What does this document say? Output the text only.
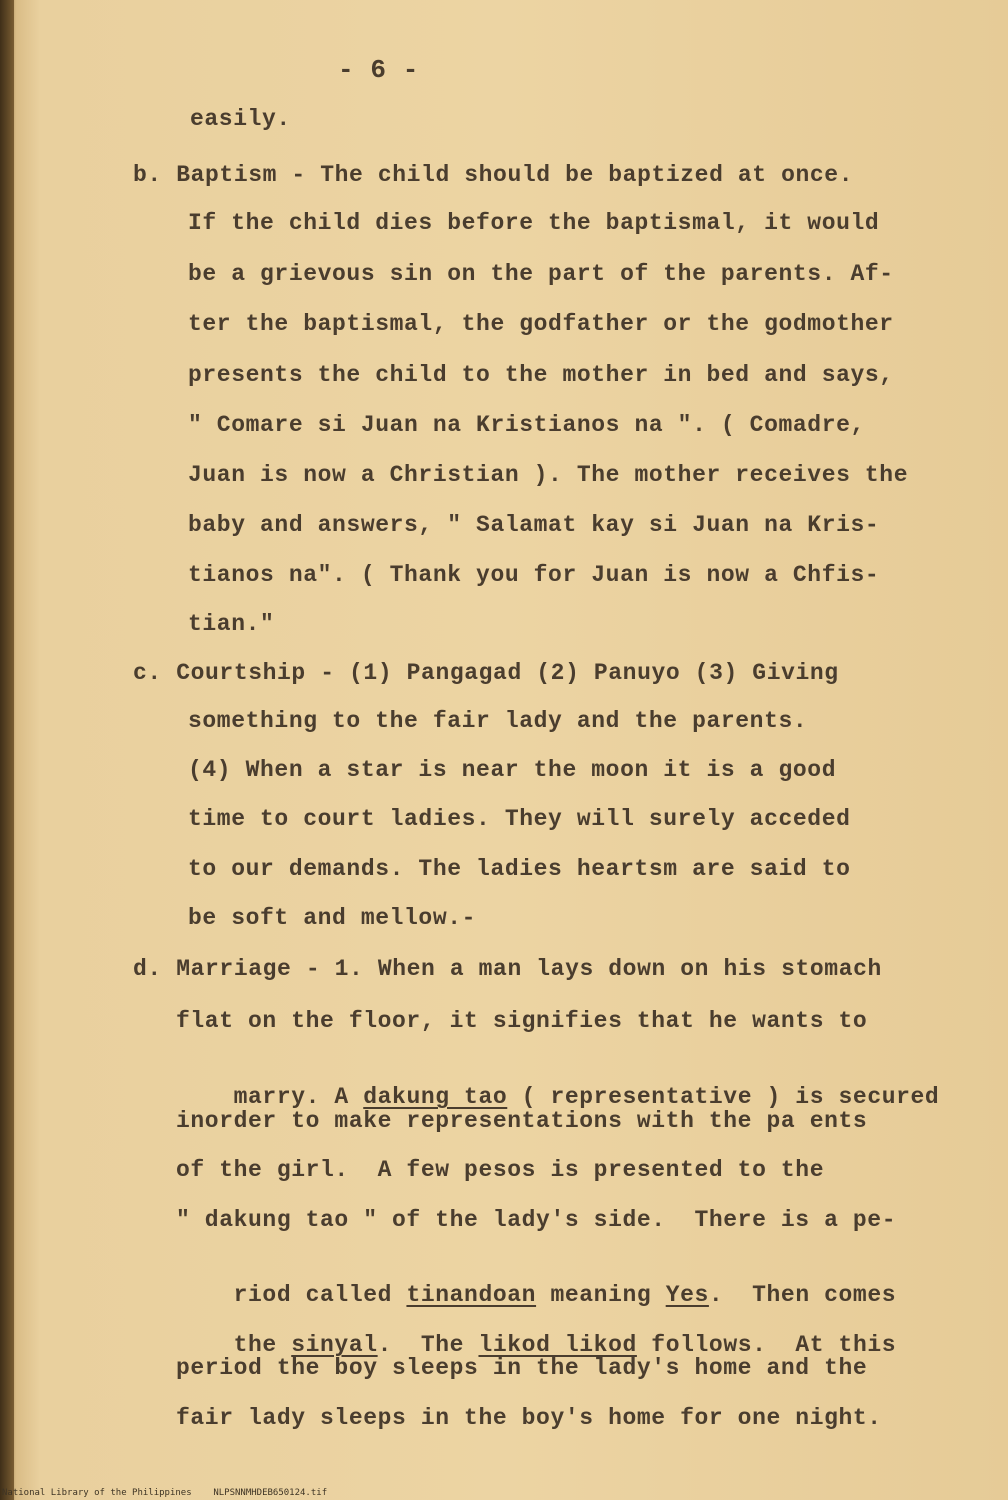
- 6 -
easily.
b. Baptism - The child should be baptized at once.
If the child dies before the baptismal, it would
be a grievous sin on the part of the parents. Af-
ter the baptismal, the godfather or the godmother
presents the child to the mother in bed and says,
" Comare si Juan na Kristianos na ". ( Comadre,
Juan is now a Christian ). The mother receives the
baby and answers, " Salamat kay si Juan na Kris-
tianos na". ( Thank you for Juan is now a Chfis-
tian."
c. Courtship - (1) Pangagad (2) Panuyo (3) Giving
something to the fair lady and the parents.
(4) When a star is near the moon it is a good
time to court ladies. They will surely acceded
to our demands. The ladies heartsm are said to
be soft and mellow.-
d. Marriage - 1. When a man lays down on his stomach
flat on the floor, it signifies that he wants to

marry. A dakung tao ( representative ) is secured

inorder to make representations with the pa ents
of the girl.  A few pesos is presented to the
" dakung tao " of the lady's side.  There is a pe-

riod called tinandoan meaning Yes.  Then comes

the sinyal.  The likod likod follows.  At this

period the boy sleeps in the lady's home and the
fair lady sleeps in the boy's home for one night.
National Library of the Philippines    NLPSNNMHDEB650124.tif
